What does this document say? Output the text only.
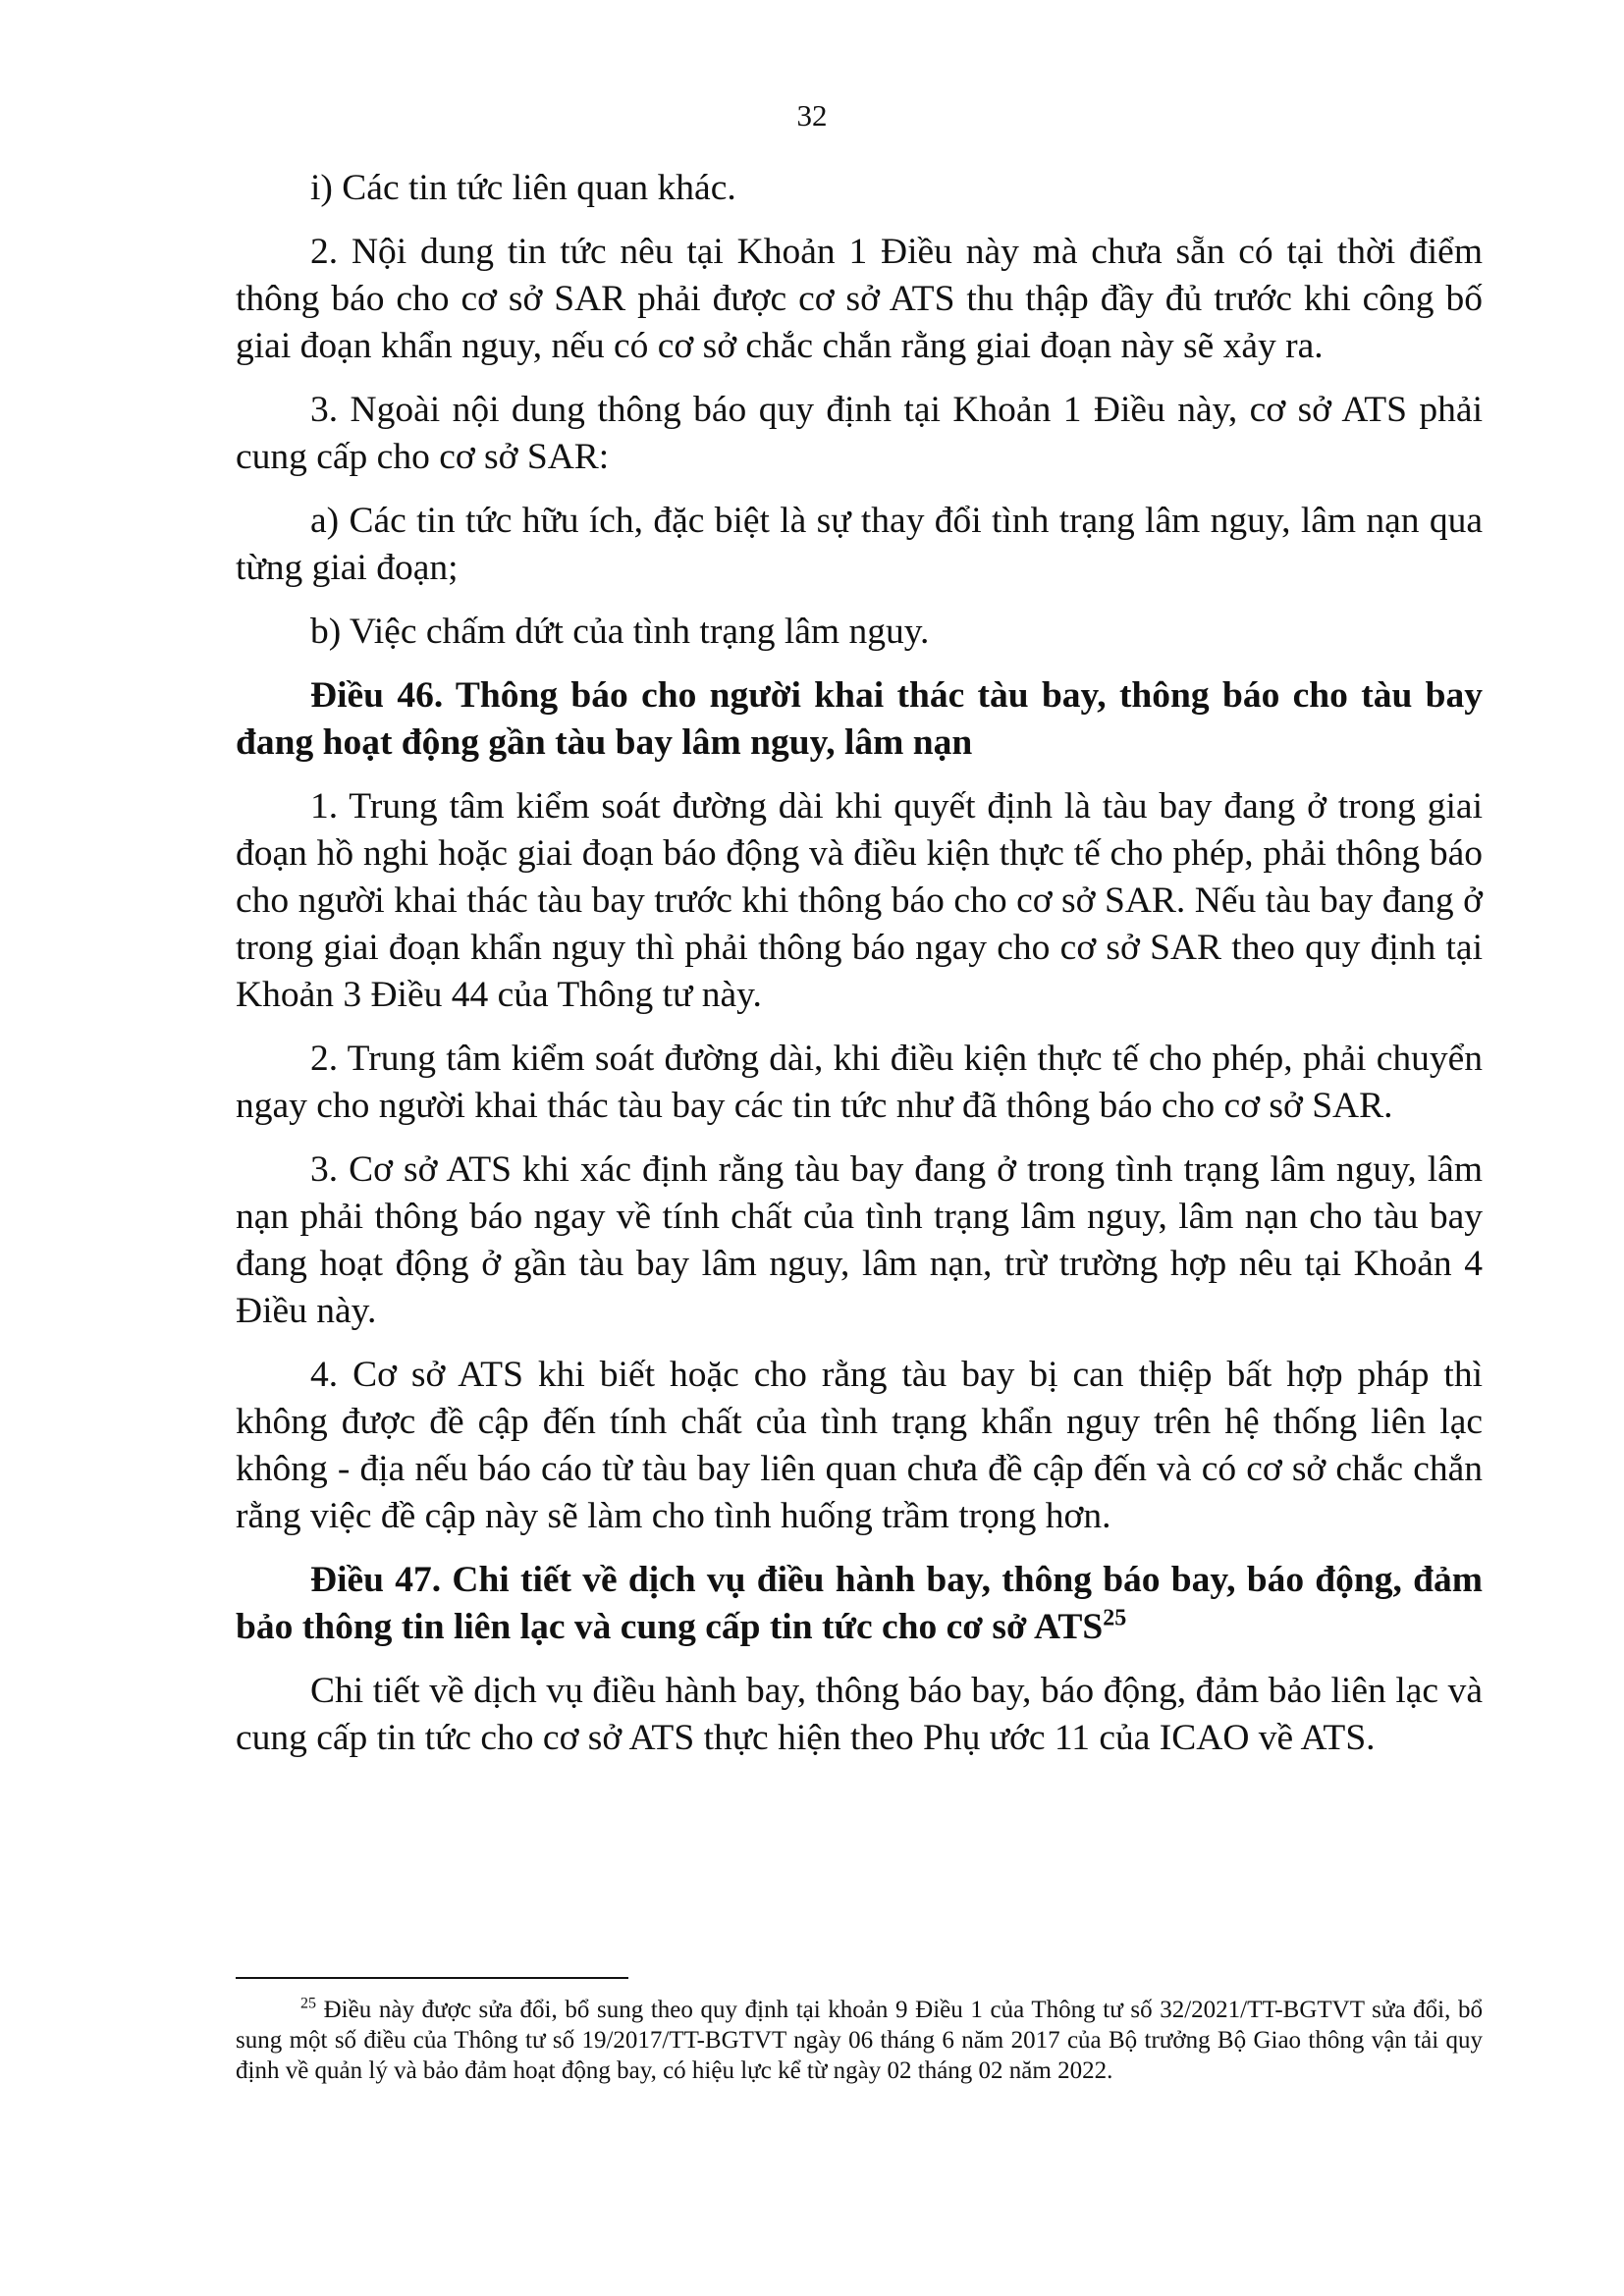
32

i) Các tin tức liên quan khác.

2. Nội dung tin tức nêu tại Khoản 1 Điều này mà chưa sẵn có tại thời điểm thông báo cho cơ sở SAR phải được cơ sở ATS thu thập đầy đủ trước khi công bố giai đoạn khẩn nguy, nếu có cơ sở chắc chắn rằng giai đoạn này sẽ xảy ra.

3. Ngoài nội dung thông báo quy định tại Khoản 1 Điều này, cơ sở ATS phải cung cấp cho cơ sở SAR:

a) Các tin tức hữu ích, đặc biệt là sự thay đổi tình trạng lâm nguy, lâm nạn qua từng giai đoạn;

b) Việc chấm dứt của tình trạng lâm nguy.

Điều 46. Thông báo cho người khai thác tàu bay, thông báo cho tàu bay đang hoạt động gần tàu bay lâm nguy, lâm nạn

1. Trung tâm kiểm soát đường dài khi quyết định là tàu bay đang ở trong giai đoạn hồ nghi hoặc giai đoạn báo động và điều kiện thực tế cho phép, phải thông báo cho người khai thác tàu bay trước khi thông báo cho cơ sở SAR. Nếu tàu bay đang ở trong giai đoạn khẩn nguy thì phải thông báo ngay cho cơ sở SAR theo quy định tại Khoản 3 Điều 44 của Thông tư này.

2. Trung tâm kiểm soát đường dài, khi điều kiện thực tế cho phép, phải chuyển ngay cho người khai thác tàu bay các tin tức như đã thông báo cho cơ sở SAR.

3. Cơ sở ATS khi xác định rằng tàu bay đang ở trong tình trạng lâm nguy, lâm nạn phải thông báo ngay về tính chất của tình trạng lâm nguy, lâm nạn cho tàu bay đang hoạt động ở gần tàu bay lâm nguy, lâm nạn, trừ trường hợp nêu tại Khoản 4 Điều này.

4. Cơ sở ATS khi biết hoặc cho rằng tàu bay bị can thiệp bất hợp pháp thì không được đề cập đến tính chất của tình trạng khẩn nguy trên hệ thống liên lạc không - địa nếu báo cáo từ tàu bay liên quan chưa đề cập đến và có cơ sở chắc chắn rằng việc đề cập này sẽ làm cho tình huống trầm trọng hơn.

Điều 47. Chi tiết về dịch vụ điều hành bay, thông báo bay, báo động, đảm bảo thông tin liên lạc và cung cấp tin tức cho cơ sở ATS$^{25}$

Chi tiết về dịch vụ điều hành bay, thông báo bay, báo động, đảm bảo liên lạc và cung cấp tin tức cho cơ sở ATS thực hiện theo Phụ ước 11 của ICAO về ATS.

$^{25}$ Điều này được sửa đổi, bổ sung theo quy định tại khoản 9 Điều 1 của Thông tư số 32/2021/TT-BGTVT sửa đổi, bổ sung một số điều của Thông tư số 19/2017/TT-BGTVT ngày 06 tháng 6 năm 2017 của Bộ trưởng Bộ Giao thông vận tải quy định về quản lý và bảo đảm hoạt động bay, có hiệu lực kể từ ngày 02 tháng 02 năm 2022.
